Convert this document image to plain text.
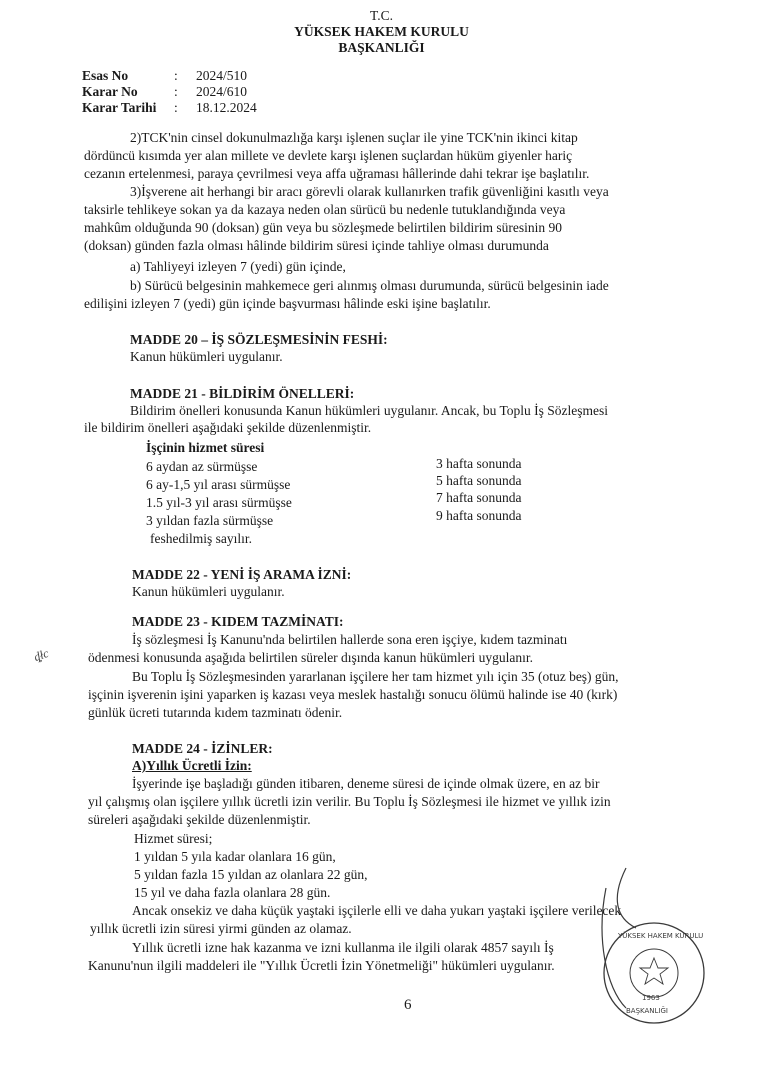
T.C.
YÜKSEK HAKEM KURULU
BAŞKANLIĞI
Esas No	:	2024/510
Karar No	:	2024/610
Karar Tarihi	:	18.12.2024
2)TCK'nin cinsel dokunulmazlığa karşı işlenen suçlar ile yine TCK'nin ikinci kitap
dördüncü kısımda yer alan millete ve devlete karşı işlenen suçlardan hüküm giyenler hariç
cezanın ertelenmesi, paraya çevrilmesi veya affa uğraması hâllerinde dahi tekrar işe başlatılır.
3)İşverene ait herhangi bir aracı görevli olarak kullanırken trafik güvenliğini kasıtlı veya
taksirle tehlikeye sokan ya da kazaya neden olan sürücü bu nedenle tutuklandığında veya
mahkûm olduğunda 90 (doksan) gün veya bu sözleşmede belirtilen bildirim süresinin 90
(doksan) günden fazla olması hâlinde bildirim süresi içinde tahliye olması durumunda
a) Tahliyeyi izleyen 7 (yedi) gün içinde,
b) Sürücü belgesinin mahkemece geri alınmış olması durumunda, sürücü belgesinin iade
edilişini izleyen 7 (yedi) gün içinde başvurması hâlinde eski işine başlatılır.
MADDE 20 – İŞ SÖZLEŞMESİNİN FESHİ:
Kanun hükümleri uygulanır.
MADDE 21 - BİLDİRİM ÖNELLERİ:
Bildirim önelleri konusunda Kanun hükümleri uygulanır. Ancak, bu Toplu İş Sözleşmesi
ile bildirim önelleri aşağıdaki şekilde düzenlenmiştir.
İşçinin hizmet süresi
6 aydan az sürmüşse	3 hafta sonunda
6 ay-1,5 yıl arası sürmüşse	5 hafta sonunda
1.5 yıl-3 yıl arası sürmüşse	7 hafta sonunda
3 yıldan fazla sürmüşse	9 hafta sonunda
feshedilmiş sayılır.
MADDE 22 - YENİ İŞ ARAMA İZNİ:
Kanun hükümleri uygulanır.
MADDE 23 - KIDEM TAZMİNATI:
İş sözleşmesi İş Kanunu'nda belirtilen hallerde sona eren işçiye, kıdem tazminatı
ödenmesi konusunda aşağıda belirtilen süreler dışında kanun hükümleri uygulanır.
Bu Toplu İş Sözleşmesinden yararlanan işçilere her tam hizmet yılı için 35 (otuz beş) gün,
işçinin işverenin işini yaparken iş kazası veya meslek hastalığı sonucu ölümü halinde ise 40 (kırk)
günlük ücreti tutarında kıdem tazminatı ödenir.
MADDE 24 - İZİNLER:
A)Yıllık Ücretli İzin:
İşyerinde işe başladığı günden itibaren, deneme süresi de içinde olmak üzere, en az bir
yıl çalışmış olan işçilere yıllık ücretli izin verilir. Bu Toplu İş Sözleşmesi ile hizmet ve yıllık izin
süreleri aşağıdaki şekilde düzenlenmiştir.
Hizmet süresi;
1 yıldan 5 yıla kadar olanlara 16 gün,
5 yıldan fazla 15 yıldan az olanlara 22 gün,
15 yıl ve daha fazla olanlara 28 gün.
Ancak onsekiz ve daha küçük yaştaki işçilerle elli ve daha yukarı yaştaki işçilere verilecek
yıllık ücretli izin süresi yirmi günden az olamaz.
Yıllık ücretli izne hak kazanma ve izni kullanma ile ilgili olarak 4857 sayılı İş
Kanunu'nun ilgili maddeleri ile "Yıllık Ücretli İzin Yönetmeliği" hükümleri uygulanır.
6
ȡłc
YÜKSEK HAKEM KURULU
BAŞKANLIĞI
1963
